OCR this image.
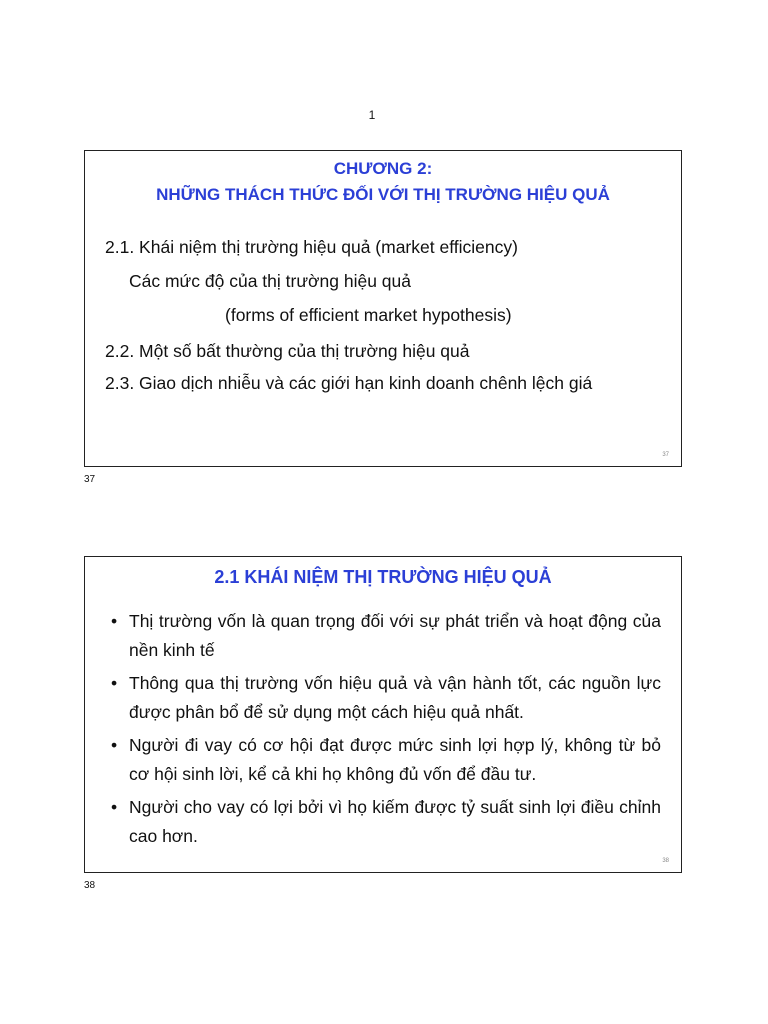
1
CHƯƠNG 2:
NHỮNG THÁCH THỨC ĐỐI VỚI THỊ TRƯỜNG HIỆU QUẢ
2.1. Khái niệm thị trường hiệu quả (market efficiency)
Các mức độ của thị trường hiệu quả
(forms of efficient market hypothesis)
2.2. Một số bất thường của thị trường hiệu quả
2.3. Giao dịch nhiễu và các giới hạn kinh doanh chênh lệch giá
37
37
2.1 KHÁI NIỆM THỊ TRƯỜNG HIỆU QUẢ
• Thị trường vốn là quan trọng đối với sự phát triển và hoạt động của nền kinh tế
• Thông qua thị trường vốn hiệu quả và vận hành tốt, các nguồn lực được phân bổ để sử dụng một cách hiệu quả nhất.
• Người đi vay có cơ hội đạt được mức sinh lợi hợp lý, không từ bỏ cơ hội sinh lời, kể cả khi họ không đủ vốn để đầu tư.
• Người cho vay có lợi bởi vì họ kiếm được tỷ suất sinh lợi điều chỉnh cao hơn.
38
38
